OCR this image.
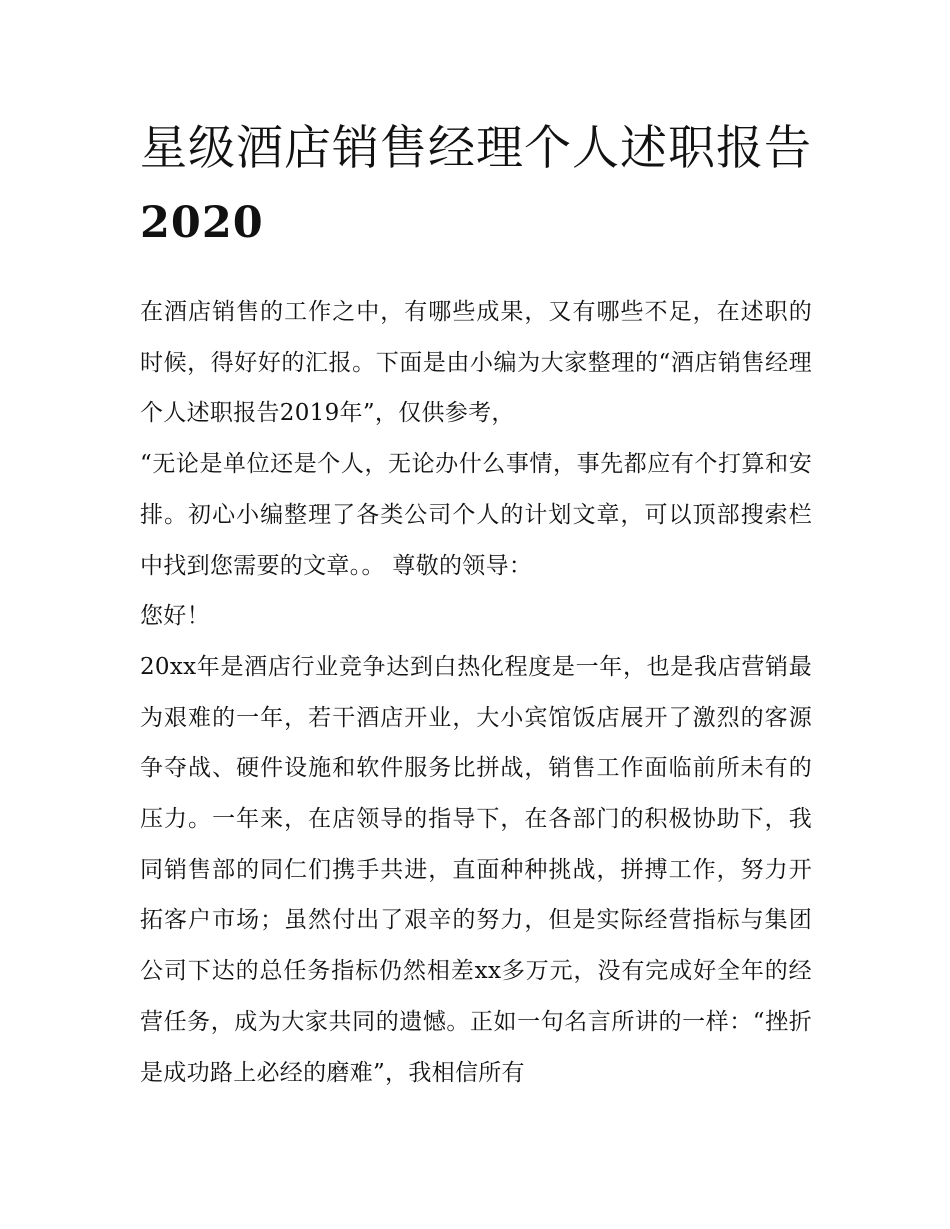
星级酒店销售经理个人述职报告2020

在酒店销售的工作之中，有哪些成果，又有哪些不足，在述职的时候，得好好的汇报。下面是由小编为大家整理的“酒店销售经理个人述职报告2019年”，仅供参考，

“无论是单位还是个人，无论办什么事情，事先都应有个打算和安排。初心小编整理了各类公司个人的计划文章，可以顶部搜索栏中找到您需要的文章。。 尊敬的领导：

您好！

20xx年是酒店行业竞争达到白热化程度是一年，也是我店营销最为艰难的一年，若干酒店开业，大小宾馆饭店展开了激烈的客源争夺战、硬件设施和软件服务比拼战，销售工作面临前所未有的压力。一年来，在店领导的指导下，在各部门的积极协助下，我同销售部的同仁们携手共进，直面种种挑战，拼搏工作，努力开拓客户市场；虽然付出了艰辛的努力，但是实际经营指标与集团公司下达的总任务指标仍然相差xx多万元，没有完成好全年的经营任务，成为大家共同的遗憾。正如一句名言所讲的一样：“挫折是成功路上必经的磨难”，我相信所有
